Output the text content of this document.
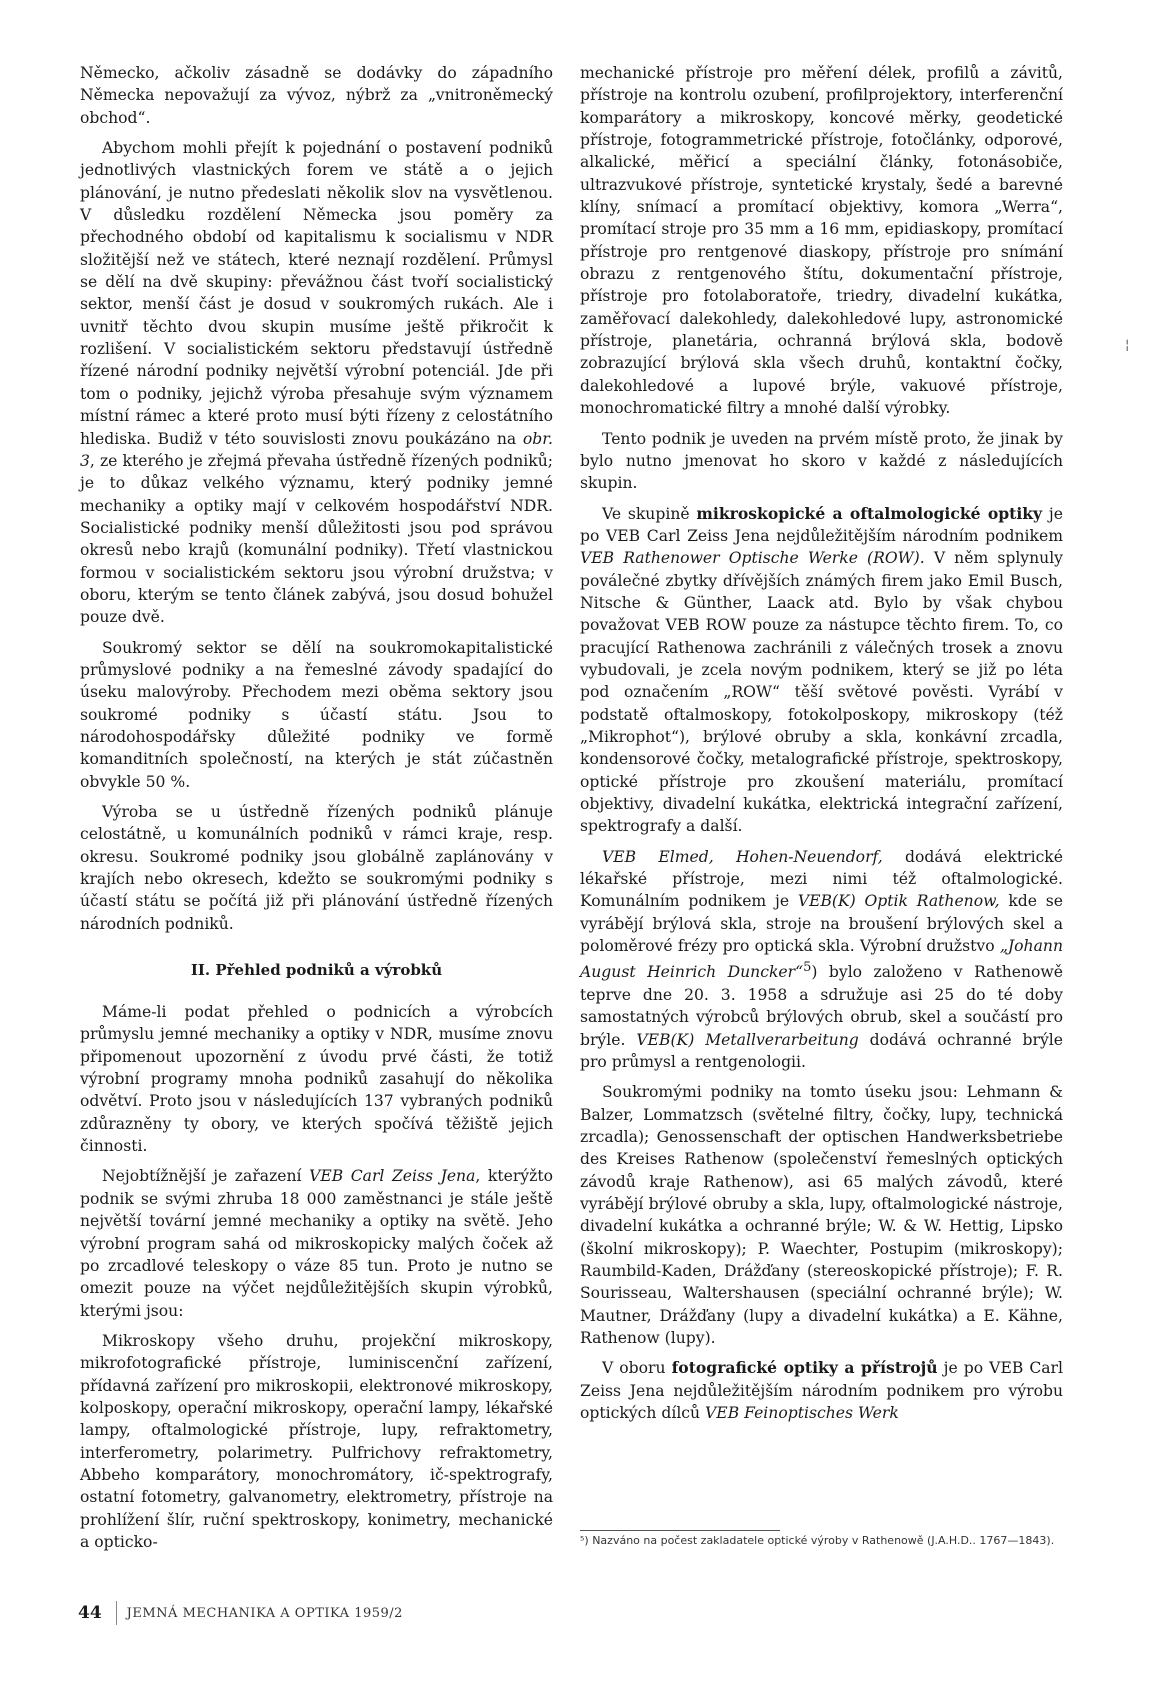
Německo, ačkoliv zásadně se dodávky do západního Německa nepovažují za vývoz, nýbrž za „vnitroněmecký obchod“.

Abychom mohli přejít k pojednání o postavení podniků jednotlivých vlastnických forem ve státě a o jejich plánování, je nutno předeslati několik slov na vysvětlenou. V důsledku rozdělení Německa jsou poměry za přechodného období od kapitalismu k socialismu v NDR složitější než ve státech, které neznají rozdělení. Průmysl se dělí na dvě skupiny: převážnou část tvoří socialistický sektor, menší část je dosud v soukromých rukách. Ale i uvnitř těchto dvou skupin musíme ještě přikročit k rozlišení. V socialistickém sektoru představují ústředně řízené národní podniky největší výrobní potenciál. Jde při tom o podniky, jejichž výroba přesahuje svým významem místní rámec a které proto musí býti řízeny z celostátního hlediska. Budiž v této souvislosti znovu poukázáno na obr. 3, ze kterého je zřejmá převaha ústředně řízených podniků; je to důkaz velkého významu, který podniky jemné mechaniky a optiky mají v celkovém hospodářství NDR. Socialistické podniky menší důležitosti jsou pod správou okresů nebo krajů (komunální podniky). Třetí vlastnickou formou v socialistickém sektoru jsou výrobní družstva; v oboru, kterým se tento článek zabývá, jsou dosud bohužel pouze dvě.

Soukromý sektor se dělí na soukromokapitalistické průmyslové podniky a na řemeslné závody spadající do úseku malovýroby. Přechodem mezi oběma sektory jsou soukromé podniky s účastí státu. Jsou to národohospodářsky důležité podniky ve formě komanditních společností, na kterých je stát zúčastněn obvykle 50 %.

Výroba se u ústředně řízených podniků plánuje celostátně, u komunálních podniků v rámci kraje, resp. okresu. Soukromé podniky jsou globálně zaplánovány v krajích nebo okresech, kdežto se soukromými podniky s účastí státu se počítá již při plánování ústředně řízených národních podniků.

II. Přehled podniků a výrobků

Máme-li podat přehled o podnicích a výrobcích průmyslu jemné mechaniky a optiky v NDR, musíme znovu připomenout upozornění z úvodu prvé části, že totiž výrobní programy mnoha podniků zasahují do několika odvětví. Proto jsou v následujících 137 vybraných podniků zdůrazněny ty obory, ve kterých spočívá těžiště jejich činnosti.

Nejobtížnější je zařazení VEB Carl Zeiss Jena, kterýžto podnik se svými zhruba 18 000 zaměstnanci je stále ještě největší tovární jemné mechaniky a optiky na světě. Jeho výrobní program sahá od mikroskopicky malých čoček až po zrcadlové teleskopy o váze 85 tun. Proto je nutno se omezit pouze na výčet nejdůležitějších skupin výrobků, kterými jsou:

Mikroskopy všeho druhu, projekční mikroskopy, mikrofotografické přístroje, luminiscenční zařízení, přídavná zařízení pro mikroskopii, elektronové mikroskopy, kolposkopy, operační mikroskopy, operační lampy, lékařské lampy, oftalmologické přístroje, lupy, refraktometry, interferometry, polarimetry. Pulfrichovy refraktometry, Abbeho komparátory, monochromátory, ič-spektrografy, ostatní fotometry, galvanometry, elektrometry, přístroje na prohlížení šlír, ruční spektroskopy, konimetry, mechanické a opticko-

mechanické přístroje pro měření délek, profilů a závitů, přístroje na kontrolu ozubení, profilprojektory, interferenční komparátory a mikroskopy, koncové měrky, geodetické přístroje, fotogrammetrické přístroje, fotočlánky, odporové, alkalické, měřicí a speciální články, fotonásobiče, ultrazvukové přístroje, syntetické krystaly, šedé a barevné klíny, snímací a promítací objektivy, komora „Werra“, promítací stroje pro 35 mm a 16 mm, epidiaskopy, promítací přístroje pro rentgenové diaskopy, přístroje pro snímání obrazu z rentgenového štítu, dokumentační přístroje, přístroje pro fotolaboratoře, triedry, divadelní kukátka, zaměřovací dalekohledy, dalekohledové lupy, astronomické přístroje, planetária, ochranná brýlová skla, bodově zobrazující brýlová skla všech druhů, kontaktní čočky, dalekohledové a lupové brýle, vakuové přístroje, monochromatické filtry a mnohé další výrobky.

Tento podnik je uveden na prvém místě proto, že jinak by bylo nutno jmenovat ho skoro v každé z následujících skupin.

Ve skupině mikroskopické a oftalmologické optiky je po VEB Carl Zeiss Jena nejdůležitějším národním podnikem VEB Rathenower Optische Werke (ROW). V něm splynuly poválečné zbytky dřívějších známých firem jako Emil Busch, Nitsche & Günther, Laack atd. Bylo by však chybou považovat VEB ROW pouze za nástupce těchto firem. To, co pracující Rathenowa zachránili z válečných trosek a znovu vybudovali, je zcela novým podnikem, který se již po léta pod označením „ROW“ těší světové pověsti. Vyrábí v podstatě oftalmoskopy, fotokolposkopy, mikroskopy (též „Mikrophot“), brýlové obruby a skla, konkávní zrcadla, kondensorové čočky, metalografické přístroje, spektroskopy, optické přístroje pro zkoušení materiálu, promítací objektivy, divadelní kukátka, elektrická integrační zařízení, spektrografy a další.

VEB Elmed, Hohen-Neuendorf, dodává elektrické lékařské přístroje, mezi nimi též oftalmologické. Komunálním podnikem je VEB(K) Optik Rathenow, kde se vyrábějí brýlová skla, stroje na broušení brýlových skel a poloměrové frézy pro optická skla. Výrobní družstvo „Johann August Heinrich Duncker“$^5$) bylo založeno v Rathenowě teprve dne 20. 3. 1958 a sdružuje asi 25 do té doby samostatných výrobců brýlových obrub, skel a součástí pro brýle. VEB(K) Metallverarbeitung dodává ochranné brýle pro průmysl a rentgenologii.

Soukromými podniky na tomto úseku jsou: Lehmann & Balzer, Lommatzsch (světelné filtry, čočky, lupy, technická zrcadla); Genossenschaft der optischen Handwerksbetriebe des Kreises Rathenow (společenství řemeslných optických závodů kraje Rathenow), asi 65 malých závodů, které vyrábějí brýlové obruby a skla, lupy, oftalmologické nástroje, divadelní kukátka a ochranné brýle; W. & W. Hettig, Lipsko (školní mikroskopy); P. Waechter, Postupim (mikroskopy); Raumbild-Kaden, Drážďany (stereoskopické přístroje); F. R. Sourisseau, Waltershausen (speciální ochranné brýle); W. Mautner, Drážďany (lupy a divadelní kukátka) a E. Kähne, Rathenow (lupy).

V oboru fotografické optiky a přístrojů je po VEB Carl Zeiss Jena nejdůležitějším národním podnikem pro výrobu optických dílců VEB Feinoptisches Werk

⁵) Nazváno na počest zakladatele optické výroby v Rathenowě (J.A.H.D.. 1767—1843).
¦
44 JEMNÁ MECHANIKA A OPTIKA 1959/2
